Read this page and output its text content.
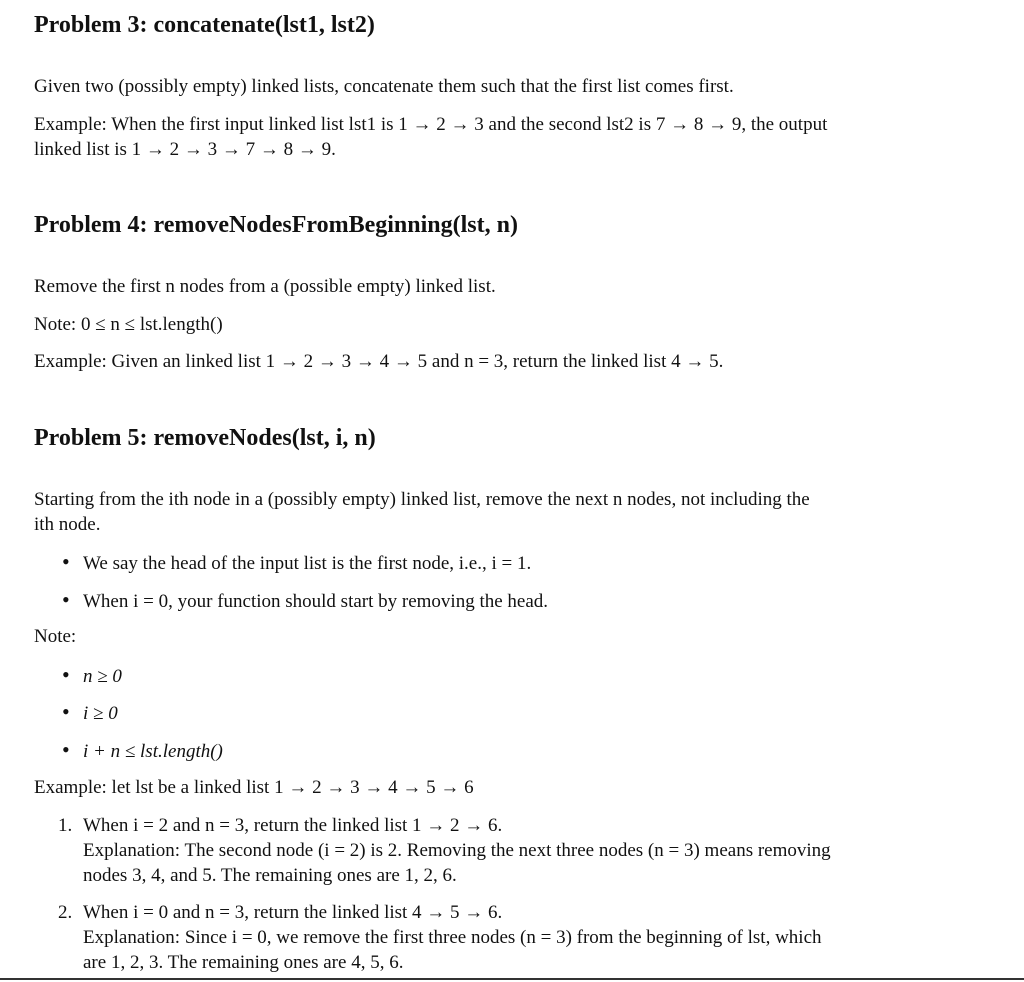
Problem 3: concatenate(lst1, lst2)

Given two (possibly empty) linked lists, concatenate them such that the first list comes first.

Example: When the first input linked list lst1 is 1 → 2 → 3 and the second lst2 is 7 → 8 → 9, the output

linked list is 1 → 2 → 3 → 7 → 8 → 9.

Problem 4: removeNodesFromBeginning(lst, n)

Remove the first n nodes from a (possible empty) linked list.

Note: 0 ≤ n ≤ lst.length()

Example: Given an linked list 1 → 2 → 3 → 4 → 5 and n = 3, return the linked list 4 → 5.

Problem 5: removeNodes(lst, i, n)

Starting from the ith node in a (possibly empty) linked list, remove the next n nodes, not including the

ith node.

• We say the head of the input list is the first node, i.e., i = 1.
• When i = 0, your function should start by removing the head.

Note:

• n ≥ 0
• i ≥ 0
• i + n ≤ lst.length()

Example: let lst be a linked list 1 → 2 → 3 → 4 → 5 → 6

1. When i = 2 and n = 3, return the linked list 1 → 2 → 6.
Explanation: The second node (i = 2) is 2. Removing the next three nodes (n = 3) means removing
nodes 3, 4, and 5. The remaining ones are 1, 2, 6.
2. When i = 0 and n = 3, return the linked list 4 → 5 → 6.
Explanation: Since i = 0, we remove the first three nodes (n = 3) from the beginning of lst, which
are 1, 2, 3. The remaining ones are 4, 5, 6.
